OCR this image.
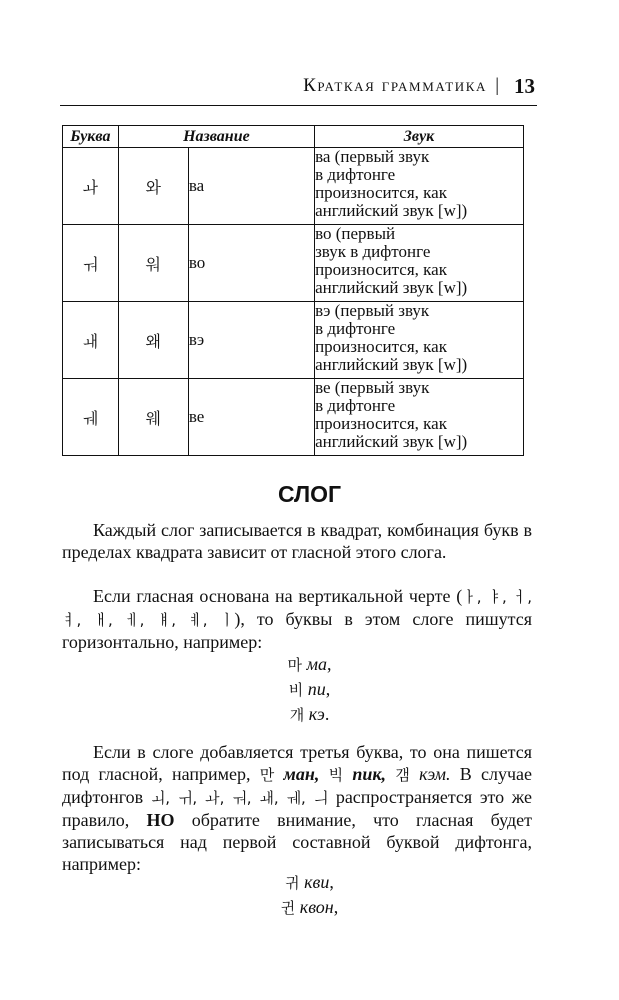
Краткая грамматика | 13
Буква	Название		Звук
ㅘ	와	ва	ва (первый звук
в дифтонге
произносится, как
английский звук [w])

ㅝ	워	во	во (первый
звук в дифтонге
произносится, как
английский звук [w])

ㅙ	왜	вэ	вэ (первый звук
в дифтонге
произносится, как
английский звук [w])

ㅞ	웨	ве	ве (первый звук
в дифтонге
произносится, как
английский звук [w])
СЛОГ
Каждый слог записывается в квадрат, комбинация букв в пределах квадрата зависит от гласной этого слога.
Если гласная основана на вертикальной черте (ㅏ, ㅑ, ㅓ, ㅕ, ㅐ, ㅔ, ㅒ, ㅖ, ㅣ), то буквы в этом слоге пишутся горизонтально, например:
마 ма,
비 пи,
개 кэ.
Если в слоге добавляется третья буква, то она пишется под гласной, например, 만 ман, 빅 пик, 갬 кэм. В случае дифтонгов ㅚ, ㅟ, ㅘ, ㅝ, ㅙ, ㅞ, ㅢ распространяется это же правило, НО обратите внимание, что гласная будет записываться над первой составной буквой дифтонга, например:
귀 кви,
귄 квон,
